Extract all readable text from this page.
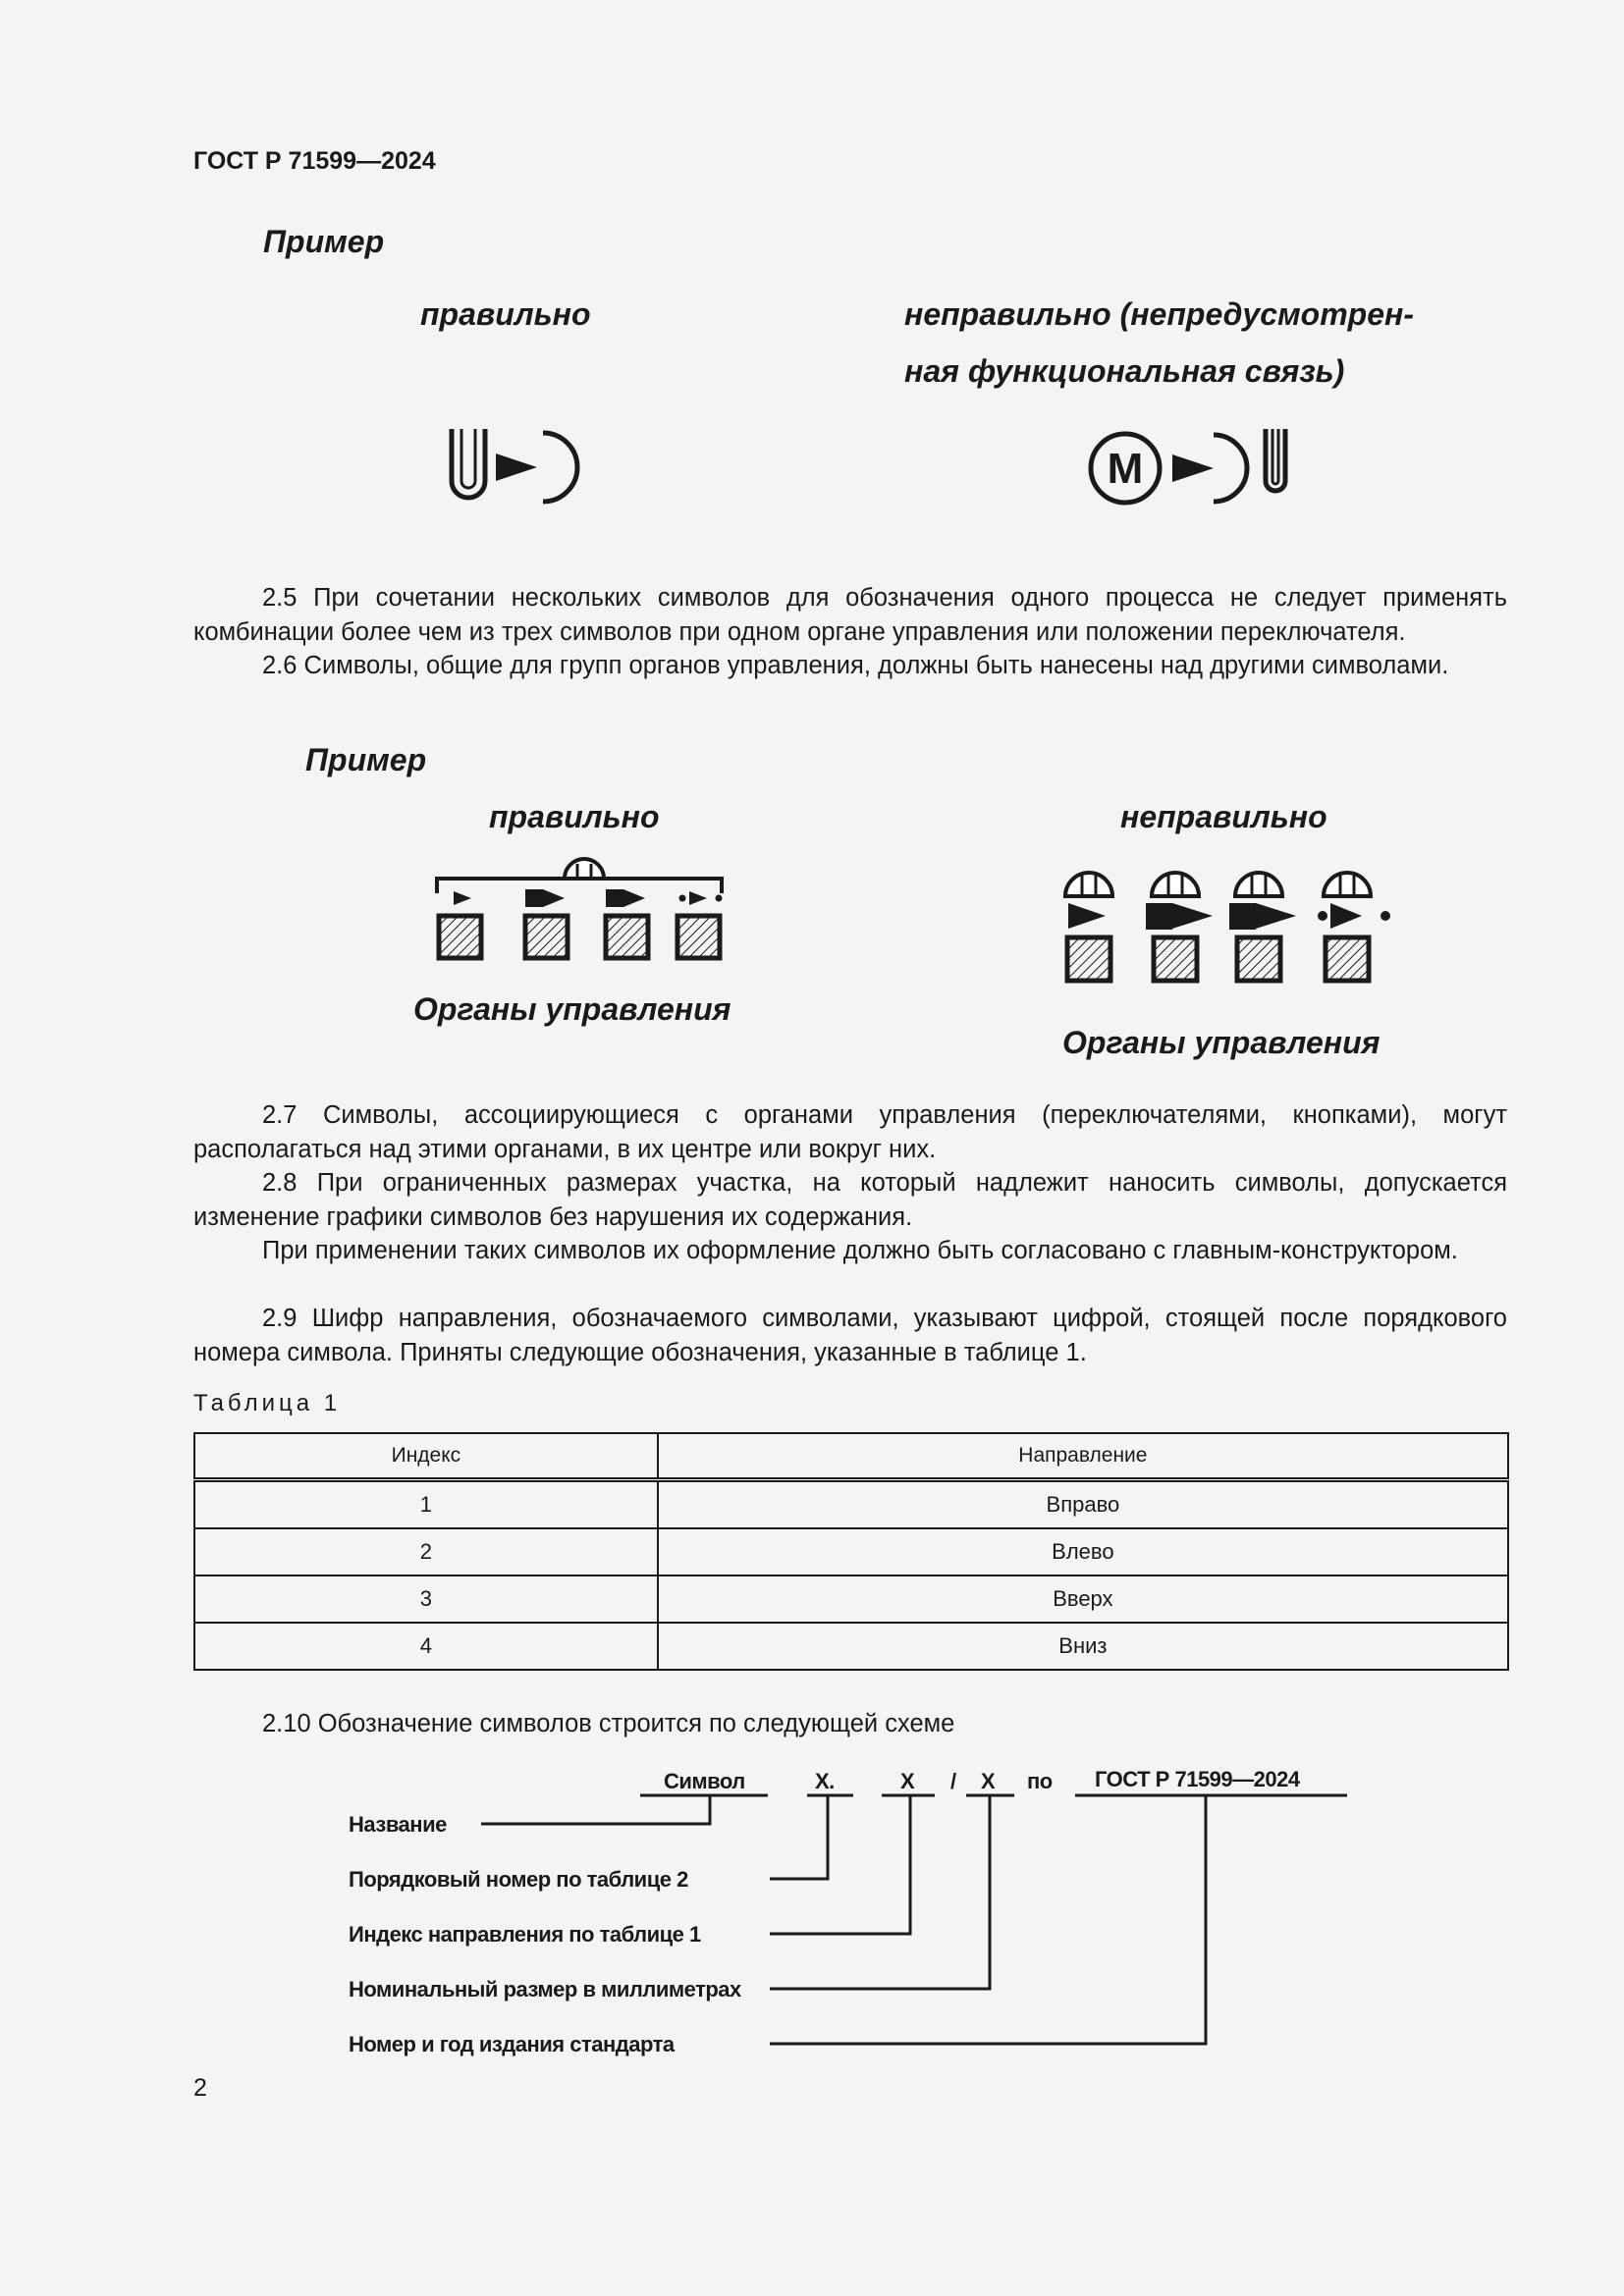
ГОСТ Р 71599—2024
Пример
правильно	неправильно (непредусмотрен-
ная функциональная связь)
М
2.5 При сочетании нескольких символов для обозначения одного процесса не следует применять комбинации более чем из трех символов при одном органе управления или положении переключателя.
2.6 Символы, общие для групп органов управления, должны быть нанесены над другими символами.
Пример
правильно	неправильно
Органы управления
Органы управления
2.7 Символы, ассоциирующиеся с органами управления (переключателями, кнопками), могут располагаться над этими органами, в их центре или вокруг них.
2.8 При ограниченных размерах участка, на который надлежит наносить символы, допускается изменение графики символов без нарушения их содержания.
При применении таких символов их оформление должно быть согласовано с главным-конструктором.
2.9 Шифр направления, обозначаемого символами, указывают цифрой, стоящей после порядкового номера символа. Приняты следующие обозначения, указанные в таблице 1.
Таблица 1
Индекс	Направление
1	Вправо
2	Влево
3	Вверх
4	Вниз
2.10 Обозначение символов строится по следующей схеме
Символ	X.	X / X по ГОСТ Р 71599—2024
Название
Порядковый номер по таблице 2
Индекс направления по таблице 1
Номинальный размер в миллиметрах
Номер и год издания стандарта
2
